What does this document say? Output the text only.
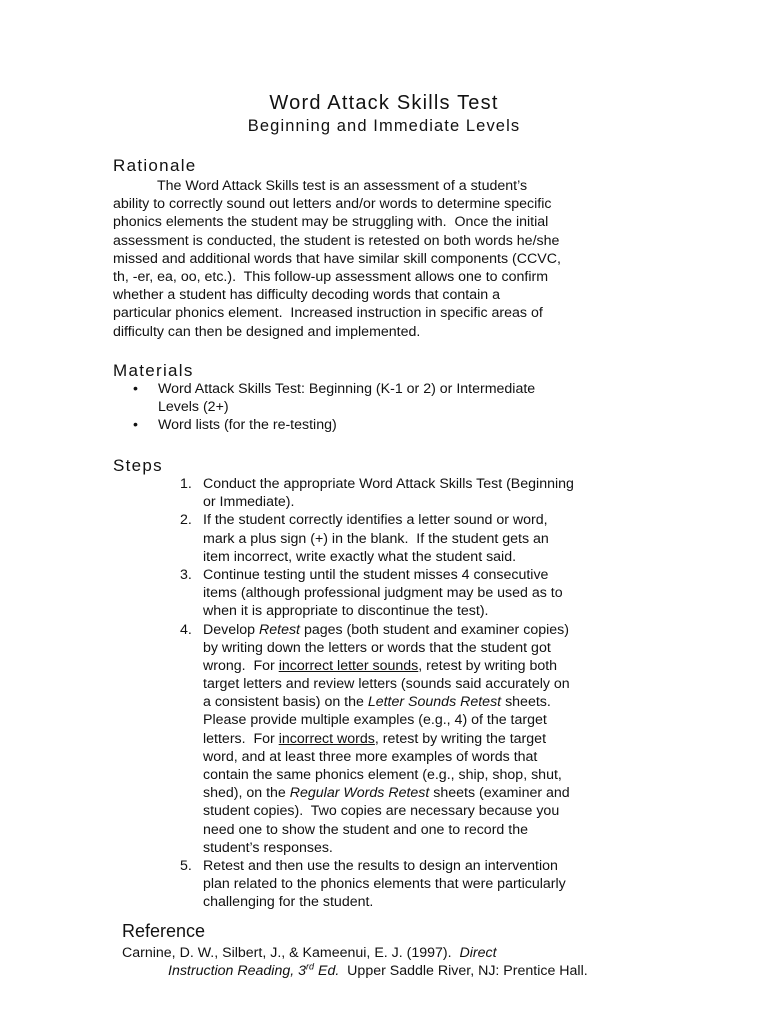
Word Attack Skills Test
Beginning and Immediate Levels
Rationale
The Word Attack Skills test is an assessment of a student’s
ability to correctly sound out letters and/or words to determine specific
phonics elements the student may be struggling with.  Once the initial
assessment is conducted, the student is retested on both words he/she
missed and additional words that have similar skill components (CCVC,
th, -er, ea, oo, etc.).  This follow-up assessment allows one to confirm
whether a student has difficulty decoding words that contain a
particular phonics element.  Increased instruction in specific areas of
difficulty can then be designed and implemented.
Materials
• Word Attack Skills Test: Beginning (K-1 or 2) or Intermediate
Levels (2+)
• Word lists (for the re-testing)
Steps
1. Conduct the appropriate Word Attack Skills Test (Beginning
or Immediate).
2. If the student correctly identifies a letter sound or word,
mark a plus sign (+) in the blank.  If the student gets an
item incorrect, write exactly what the student said.
3. Continue testing until the student misses 4 consecutive
items (although professional judgment may be used as to
when it is appropriate to discontinue the test).
4. Develop Retest pages (both student and examiner copies)
by writing down the letters or words that the student got
wrong.  For incorrect letter sounds, retest by writing both
target letters and review letters (sounds said accurately on
a consistent basis) on the Letter Sounds Retest sheets.
Please provide multiple examples (e.g., 4) of the target
letters.  For incorrect words, retest by writing the target
word, and at least three more examples of words that
contain the same phonics element (e.g., ship, shop, shut,
shed), on the Regular Words Retest sheets (examiner and
student copies).  Two copies are necessary because you
need one to show the student and one to record the
student’s responses.
5. Retest and then use the results to design an intervention
plan related to the phonics elements that were particularly
challenging for the student.
Reference
Carnine, D. W., Silbert, J., & Kameenui, E. J. (1997).  Direct
Instruction Reading, 3rd Ed.  Upper Saddle River, NJ: Prentice Hall.
